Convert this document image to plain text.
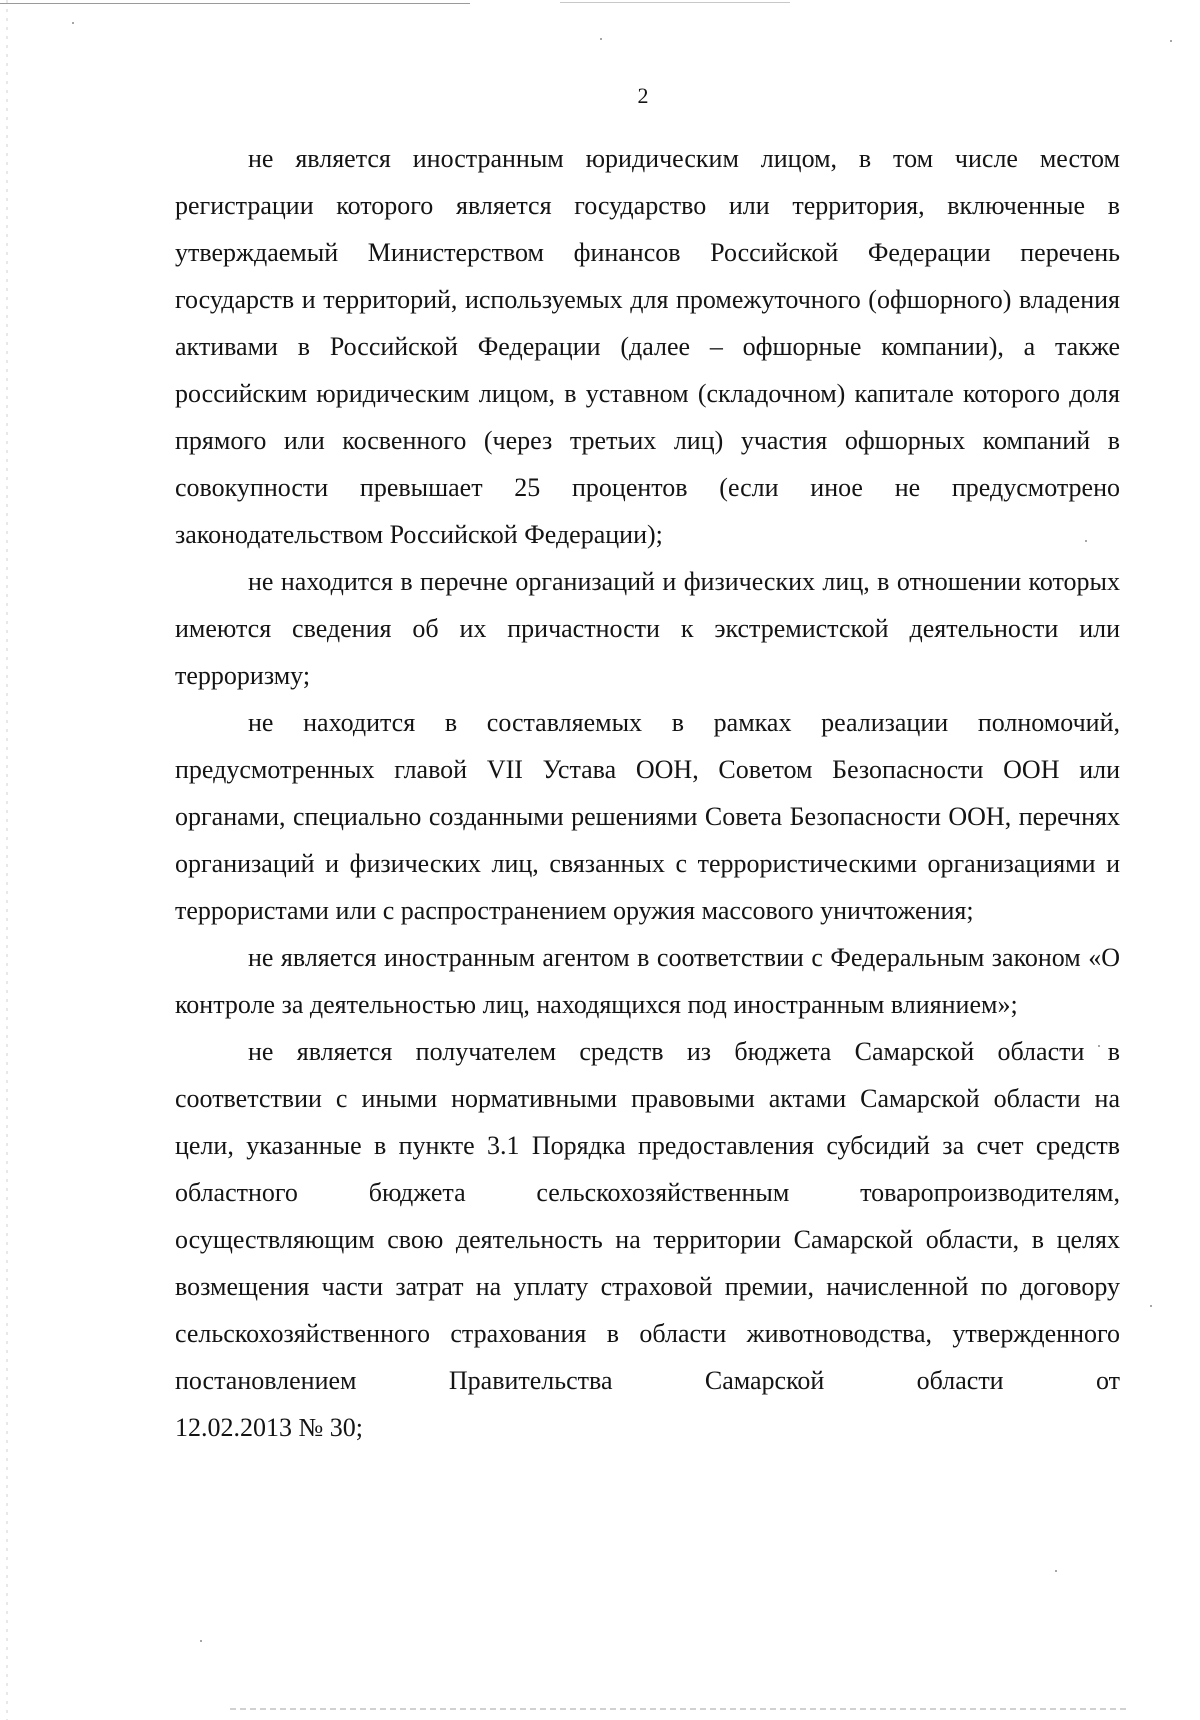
2

не является иностранным юридическим лицом, в том числе местом регистрации которого является государство или территория, включенные в утверждаемый Министерством финансов Российской Федерации перечень государств и территорий, используемых для промежуточного (офшорного) владения активами в Российской Федерации (далее – офшорные компании), а также российским юридическим лицом, в уставном (складочном) капитале которого доля прямого или косвенного (через третьих лиц) участия офшорных компаний в совокупности превышает 25 процентов (если иное не предусмотрено законодательством Российской Федерации);

не находится в перечне организаций и физических лиц, в отношении которых имеются сведения об их причастности к экстремистской деятельности или терроризму;

не находится в составляемых в рамках реализации полномочий, предусмотренных главой VII Устава ООН, Советом Безопасности ООН или органами, специально созданными решениями Совета Безопасности ООН, перечнях организаций и физических лиц, связанных с террористическими организациями и террористами или с распространением оружия массового уничтожения;

не является иностранным агентом в соответствии с Федеральным законом «О контроле за деятельностью лиц, находящихся под иностранным влиянием»;

не является получателем средств из бюджета Самарской области в соответствии с иными нормативными правовыми актами Самарской области на цели, указанные в пункте 3.1 Порядка предоставления субсидий за счет средств областного бюджета сельскохозяйственным товаропроизводителям, осуществляющим свою деятельность на территории Самарской области, в целях возмещения части затрат на уплату страховой премии, начисленной по договору сельскохозяйственного страхования в области животноводства, утвержденного постановлением Правительства Самарской области от

12.02.2013 № 30;
